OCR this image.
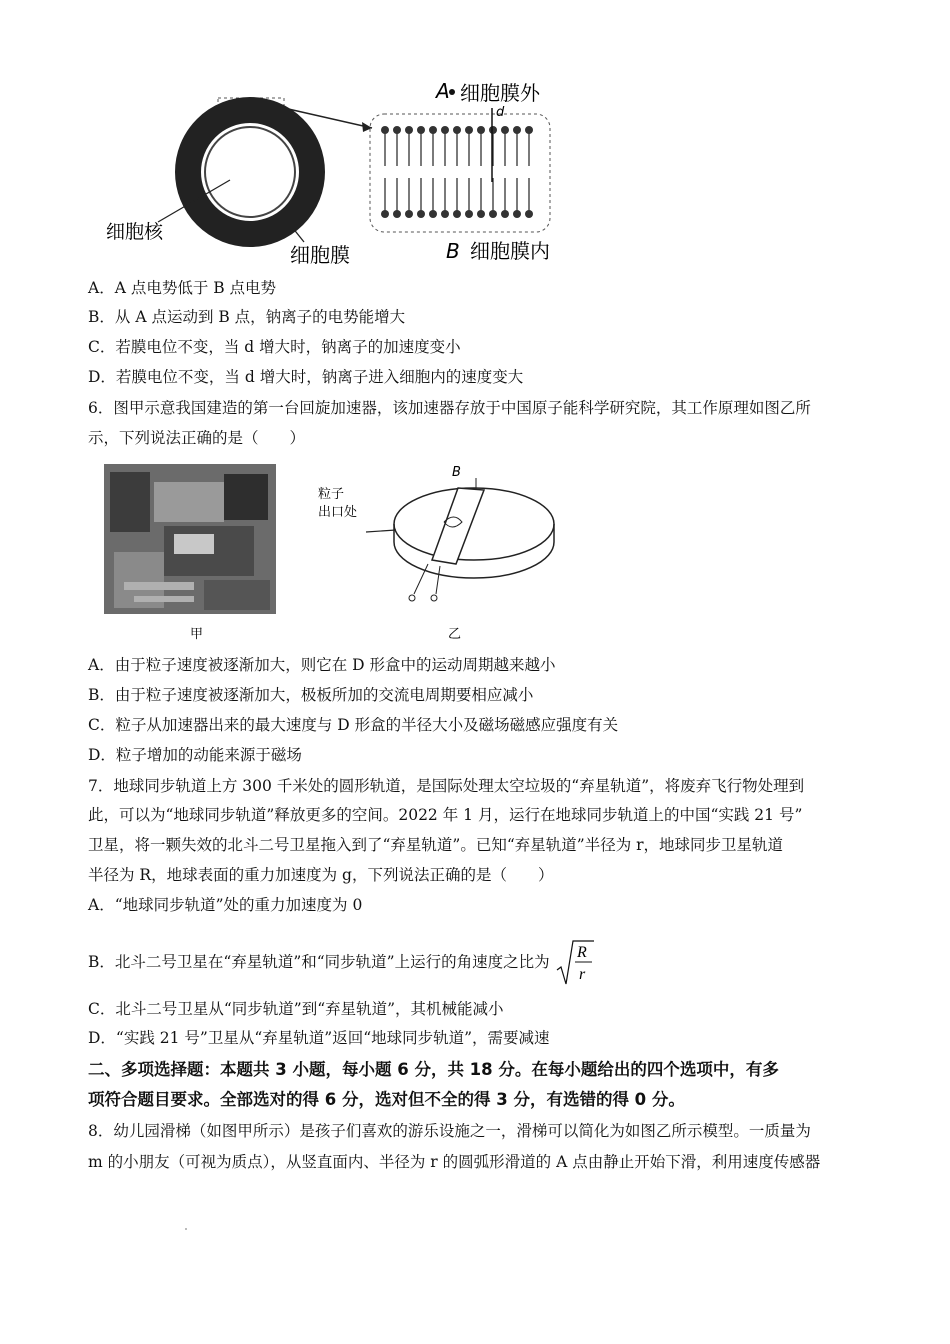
A 细胞膜外
d
细胞核
细胞膜	B 细胞膜内
A．A 点电势低于 B 点电势
B．从 A 点运动到 B 点，钠离子的电势能增大
C．若膜电位不变，当 d 增大时，钠离子的加速度变小
D．若膜电位不变，当 d 增大时，钠离子进入细胞内的速度变大
6．图甲示意我国建造的第一台回旋加速器，该加速器存放于中国原子能科学研究院，其工作原理如图乙所
示，下列说法正确的是（　　）
甲
粒子
出口处
B
乙
A．由于粒子速度被逐渐加大，则它在 D 形盒中的运动周期越来越小
B．由于粒子速度被逐渐加大，极板所加的交流电周期要相应减小
C．粒子从加速器出来的最大速度与 D 形盒的半径大小及磁场磁感应强度有关
D．粒子增加的动能来源于磁场
7．地球同步轨道上方 300 千米处的圆形轨道，是国际处理太空垃圾的“弃星轨道”，将废弃飞行物处理到
此，可以为“地球同步轨道”释放更多的空间。2022 年 1 月，运行在地球同步轨道上的中国“实践 21 号”
卫星，将一颗失效的北斗二号卫星拖入到了“弃星轨道”。已知“弃星轨道”半径为 r，地球同步卫星轨道
半径为 R，地球表面的重力加速度为 g，下列说法正确的是（　　）
A．“地球同步轨道”处的重力加速度为 0
B．北斗二号卫星在“弃星轨道”和“同步轨道”上运行的角速度之比为
R
r
C．北斗二号卫星从“同步轨道”到“弃星轨道”，其机械能减小
D．“实践 21 号”卫星从“弃星轨道”返回“地球同步轨道”，需要减速
二、多项选择题：本题共 3 小题，每小题 6 分，共 18 分。在每小题给出的四个选项中，有多
项符合题目要求。全部选对的得 6 分，选对但不全的得 3 分，有选错的得 0 分。
8．幼儿园滑梯（如图甲所示）是孩子们喜欢的游乐设施之一，滑梯可以简化为如图乙所示模型。一质量为
m 的小朋友（可视为质点），从竖直面内、半径为 r 的圆弧形滑道的 A 点由静止开始下滑，利用速度传感器
